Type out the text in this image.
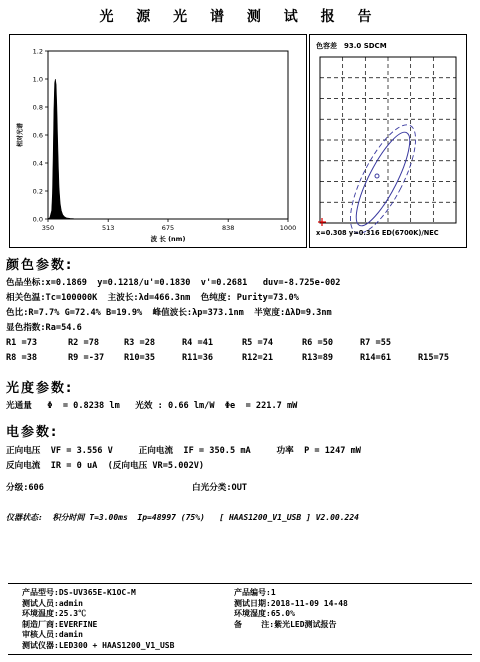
光 源 光 谱 测 试 报 告
0.0
0.2
0.4
0.6
0.8
1.0
1.2
350	513	675	838	1000
波 长 (nm)
相对光谱
色容差 93.0 SDCM
x=0.308 y=0.316 ED(6700K)/NEC
颜色参数:
色品坐标:x=0.1869  y=0.1218/u'=0.1830  v'=0.2681   duv=-8.725e-002
相关色温:Tc=100000K  主波长:λd=466.3nm  色纯度: Purity=73.0%
色比:R=7.7% G=72.4% B=19.9%  峰值波长:λp=373.1nm  半宽度:ΔλD=9.3nm
显色指数:Ra=54.6
R1 =73	R2 =78	R3 =28	R4 =41	R5 =74	R6 =50	R7 =55
R8 =38	R9 =-37 R10=35	R11=36	R12=21	R13=89	R14=61	R15=75
光度参数:
光通量   Φ  = 0.8238 lm   光效 : 0.66 lm/W  Φe  = 221.7 mW
电参数:
正向电压  VF = 3.556 V     正向电流  IF = 350.5 mA     功率  P = 1247 mW
反向电流  IR = 0 uA  (反向电压 VR=5.002V)
分级:606	白光分类:OUT
仪器状态:  积分时间 T=3.00ms  Ip=48997 (75%)   [ HAAS1200_V1_USB ] V2.00.224
产品型号:DS-UV365E-K1OC-M
测试人员:admin
环境温度:25.3℃
制造厂商:EVERFINE
审核人员:damin
测试仪器:LED300 + HAAS1200_V1_USB
产品编号:1
测试日期:2018-11-09 14-48
环境湿度:65.0%
备    注:紫光LED测试报告
